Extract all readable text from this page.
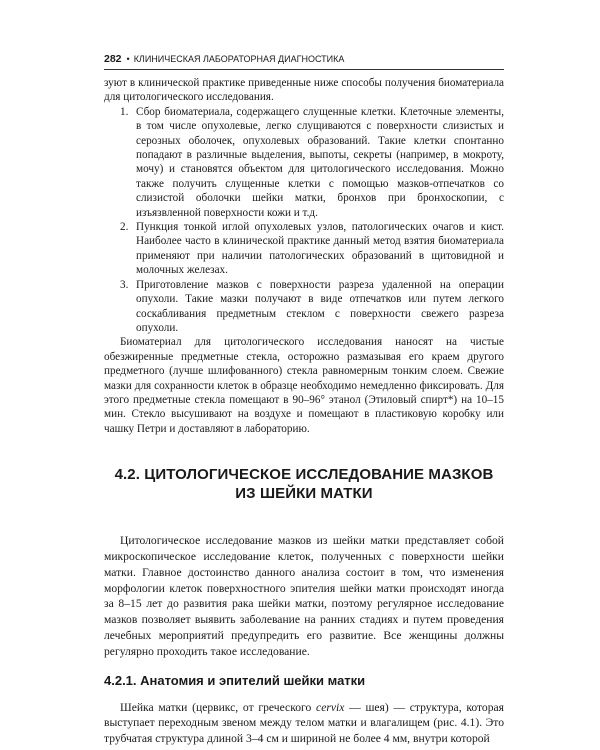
282 • КЛИНИЧЕСКАЯ ЛАБОРАТОРНАЯ ДИАГНОСТИКА

зуют в клинической практике приведенные ниже способы получения биоматериала для цитологического исследования.

1. Сбор биоматериала, содержащего слущенные клетки. Клеточные элементы, в том числе опухолевые, легко слущиваются с поверхности слизистых и серозных оболочек, опухолевых образований. Такие клетки спонтанно попадают в различные выделения, выпоты, секреты (например, в мокроту, мочу) и становятся объектом для цитологического исследования. Можно также получить слущенные клетки с помощью мазков-отпечатков со слизистой оболочки шейки матки, бронхов при бронхоскопии, с изъязвленной поверхности кожи и т.д.
2. Пункция тонкой иглой опухолевых узлов, патологических очагов и кист. Наиболее часто в клинической практике данный метод взятия биоматериала применяют при наличии патологических образований в щитовидной и молочных железах.
3. Приготовление мазков с поверхности разреза удаленной на операции опухоли. Такие мазки получают в виде отпечатков или путем легкого соскабливания предметным стеклом с поверхности свежего разреза опухоли.

Биоматериал для цитологического исследования наносят на чистые обезжиренные предметные стекла, осторожно размазывая его краем другого предметного (лучше шлифованного) стекла равномерным тонким слоем. Свежие мазки для сохранности клеток в образце необходимо немедленно фиксировать. Для этого предметные стекла помещают в 90–96° этанол (Этиловый спирт*) на 10–15 мин. Стекло высушивают на воздухе и помещают в пластиковую коробку или чашку Петри и доставляют в лабораторию.

4.2. ЦИТОЛОГИЧЕСКОЕ ИССЛЕДОВАНИЕ МАЗКОВ
ИЗ ШЕЙКИ МАТКИ

Цитологическое исследование мазков из шейки матки представляет собой микроскопическое исследование клеток, полученных с поверхности шейки матки. Главное достоинство данного анализа состоит в том, что изменения морфологии клеток поверхностного эпителия шейки матки происходят иногда за 8–15 лет до развития рака шейки матки, поэтому регулярное исследование мазков позволяет выявить заболевание на ранних стадиях и путем проведения лечебных мероприятий предупредить его развитие. Все женщины должны регулярно проходить такое исследование.

4.2.1. Анатомия и эпителий шейки матки

Шейка матки (цервикс, от греческого cervix — шея) — структура, которая выступает переходным звеном между телом матки и влагалищем (рис. 4.1). Это трубчатая структура длиной 3–4 см и шириной не более 4 мм, внутри которой
